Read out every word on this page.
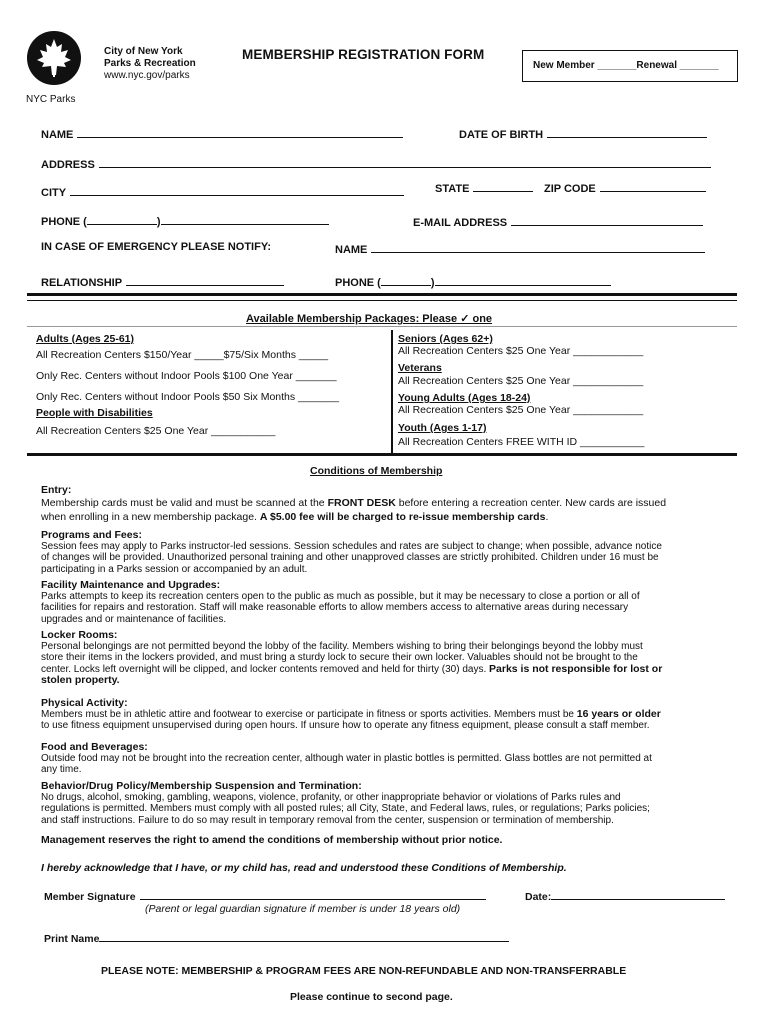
City of New York
Parks & Recreation
www.nyc.gov/parks
MEMBERSHIP REGISTRATION FORM
New Member _______Renewal _______
NYC Parks
NAME	DATE OF BIRTH
ADDRESS
CITY	STATE	ZIP CODE
PHONE (	)	E-MAIL ADDRESS
IN CASE OF EMERGENCY PLEASE NOTIFY:	NAME
RELATIONSHIP	PHONE (	)
Available Membership Packages: Please ✓ one
Adults (Ages 25-61)
All Recreation Centers $150/Year _____$75/Six Months _____
Only Rec. Centers without Indoor Pools $100 One Year _______
Only Rec. Centers without Indoor Pools $50 Six Months _______
People with Disabilities
All Recreation Centers $25 One Year ___________
Seniors (Ages 62+)
All Recreation Centers $25 One Year ____________
Veterans
All Recreation Centers $25 One Year ____________
Young Adults (Ages 18-24)
All Recreation Centers $25 One Year ____________
Youth (Ages 1-17)
All Recreation Centers FREE WITH ID ___________
Conditions of Membership
Entry:
Membership cards must be valid and must be scanned at the FRONT DESK before entering a recreation center. New cards are issued
when enrolling in a new membership package. A $5.00 fee will be charged to re-issue membership cards.
Programs and Fees:
Session fees may apply to Parks instructor-led sessions. Session schedules and rates are subject to change; when possible, advance notice
of changes will be provided. Unauthorized personal training and other unapproved classes are strictly prohibited. Children under 16 must be
participating in a Parks session or accompanied by an adult.
Facility Maintenance and Upgrades:
Parks attempts to keep its recreation centers open to the public as much as possible, but it may be necessary to close a portion or all of
facilities for repairs and restoration. Staff will make reasonable efforts to allow members access to alternative areas during necessary
upgrades and or maintenance of facilities.
Locker Rooms:
Personal belongings are not permitted beyond the lobby of the facility. Members wishing to bring their belongings beyond the lobby must
store their items in the lockers provided, and must bring a sturdy lock to secure their own locker. Valuables should not be brought to the
center. Locks left overnight will be clipped, and locker contents removed and held for thirty (30) days. Parks is not responsible for lost or
stolen property.
Physical Activity:
Members must be in athletic attire and footwear to exercise or participate in fitness or sports activities. Members must be 16 years or older
to use fitness equipment unsupervised during open hours. If unsure how to operate any fitness equipment, please consult a staff member.
Food and Beverages:
Outside food may not be brought into the recreation center, although water in plastic bottles is permitted. Glass bottles are not permitted at
any time.
Behavior/Drug Policy/Membership Suspension and Termination:
No drugs, alcohol, smoking, gambling, weapons, violence, profanity, or other inappropriate behavior or violations of Parks rules and
regulations is permitted. Members must comply with all posted rules; all City, State, and Federal laws, rules, or regulations; Parks policies;
and staff instructions. Failure to do so may result in temporary removal from the center, suspension or termination of membership.
Management reserves the right to amend the conditions of membership without prior notice.
I hereby acknowledge that I have, or my child has, read and understood these Conditions of Membership.
Member Signature	Date:
(Parent or legal guardian signature if member is under 18 years old)
Print Name
PLEASE NOTE: MEMBERSHIP & PROGRAM FEES ARE NON-REFUNDABLE AND NON-TRANSFERRABLE
Please continue to second page.
